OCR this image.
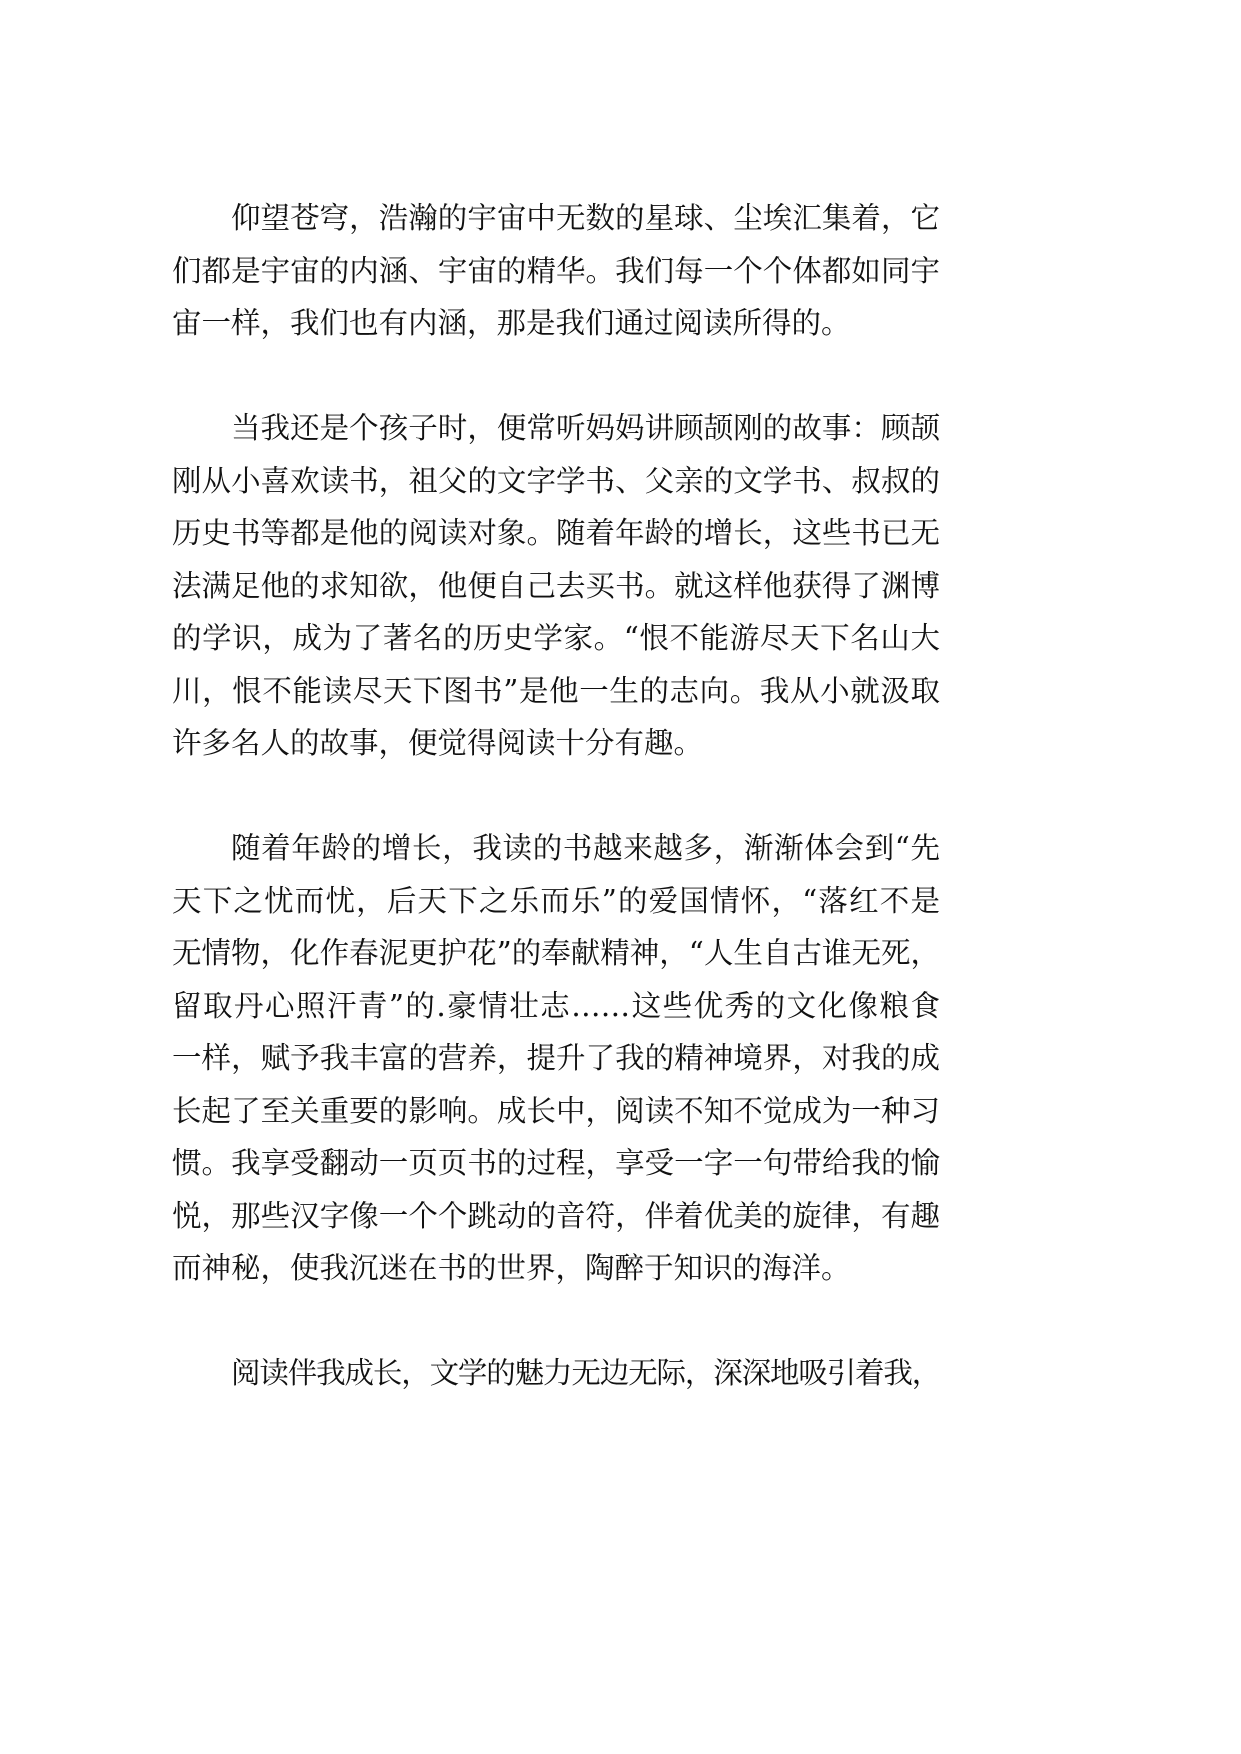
仰望苍穹，浩瀚的宇宙中无数的星球、尘埃汇集着，它
们都是宇宙的内涵、宇宙的精华。我们每一个个体都如同宇
宙一样，我们也有内涵，那是我们通过阅读所得的。
当我还是个孩子时，便常听妈妈讲顾颉刚的故事：顾颉
刚从小喜欢读书，祖父的文字学书、父亲的文学书、叔叔的
历史书等都是他的阅读对象。随着年龄的增长，这些书已无
法满足他的求知欲，他便自己去买书。就这样他获得了渊博
的学识，成为了著名的历史学家。“恨不能游尽天下名山大
川，恨不能读尽天下图书”是他一生的志向。我从小就汲取
许多名人的故事，便觉得阅读十分有趣。
随着年龄的增长，我读的书越来越多，渐渐体会到“先
天下之忧而忧，后天下之乐而乐”的爱国情怀，“落红不是
无情物，化作春泥更护花”的奉献精神，“人生自古谁无死，
留取丹心照汗青”的.豪情壮志……这些优秀的文化像粮食
一样，赋予我丰富的营养，提升了我的精神境界，对我的成
长起了至关重要的影响。成长中，阅读不知不觉成为一种习
惯。我享受翻动一页页书的过程，享受一字一句带给我的愉
悦，那些汉字像一个个跳动的音符，伴着优美的旋律，有趣
而神秘，使我沉迷在书的世界，陶醉于知识的海洋。
阅读伴我成长，文学的魅力无边无际，深深地吸引着我，
